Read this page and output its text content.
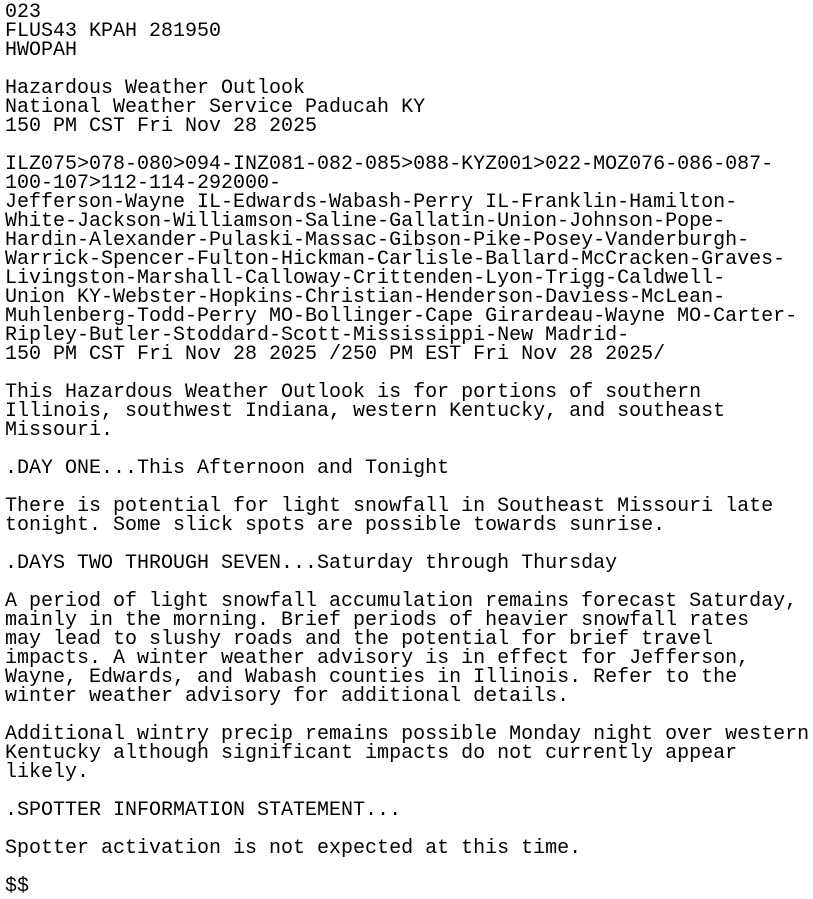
023
FLUS43 KPAH 281950
HWOPAH
Hazardous Weather Outlook
National Weather Service Paducah KY
150 PM CST Fri Nov 28 2025
ILZ075>078-080>094-INZ081-082-085>088-KYZ001>022-MOZ076-086-087-
100-107>112-114-292000-
Jefferson-Wayne IL-Edwards-Wabash-Perry IL-Franklin-Hamilton-
White-Jackson-Williamson-Saline-Gallatin-Union-Johnson-Pope-
Hardin-Alexander-Pulaski-Massac-Gibson-Pike-Posey-Vanderburgh-
Warrick-Spencer-Fulton-Hickman-Carlisle-Ballard-McCracken-Graves-
Livingston-Marshall-Calloway-Crittenden-Lyon-Trigg-Caldwell-
Union KY-Webster-Hopkins-Christian-Henderson-Daviess-McLean-
Muhlenberg-Todd-Perry MO-Bollinger-Cape Girardeau-Wayne MO-Carter-
Ripley-Butler-Stoddard-Scott-Mississippi-New Madrid-
150 PM CST Fri Nov 28 2025 /250 PM EST Fri Nov 28 2025/
This Hazardous Weather Outlook is for portions of southern
Illinois, southwest Indiana, western Kentucky, and southeast
Missouri.
.DAY ONE...This Afternoon and Tonight
There is potential for light snowfall in Southeast Missouri late
tonight. Some slick spots are possible towards sunrise.
.DAYS TWO THROUGH SEVEN...Saturday through Thursday
A period of light snowfall accumulation remains forecast Saturday,
mainly in the morning. Brief periods of heavier snowfall rates
may lead to slushy roads and the potential for brief travel
impacts. A winter weather advisory is in effect for Jefferson,
Wayne, Edwards, and Wabash counties in Illinois. Refer to the
winter weather advisory for additional details.
Additional wintry precip remains possible Monday night over western
Kentucky although significant impacts do not currently appear
likely.
.SPOTTER INFORMATION STATEMENT...
Spotter activation is not expected at this time.
$$
